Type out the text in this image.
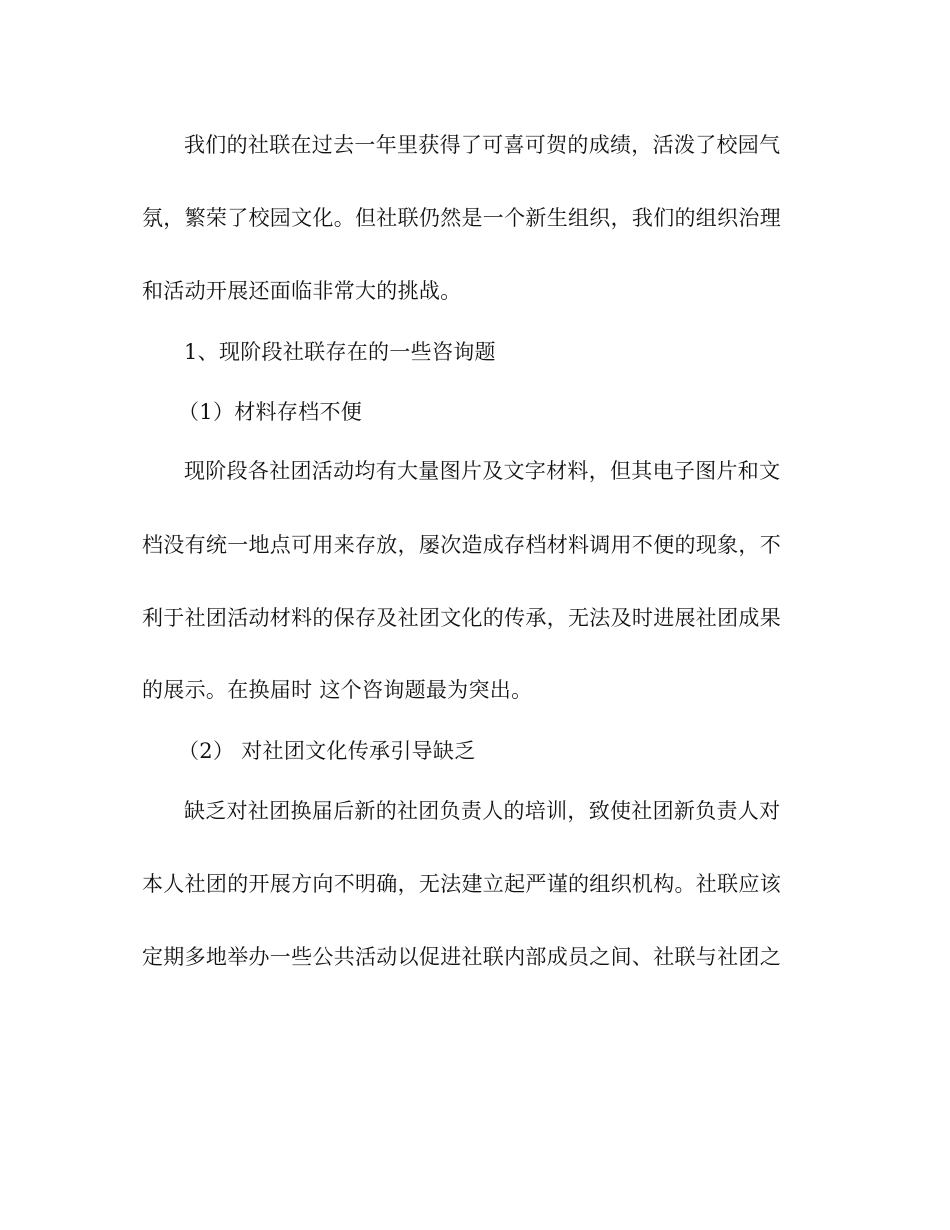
我们的社联在过去一年里获得了可喜可贺的成绩，活泼了校园气
氛，繁荣了校园文化。但社联仍然是一个新生组织，我们的组织治理
和活动开展还面临非常大的挑战。
1、现阶段社联存在的一些咨询题
（1）材料存档不便
现阶段各社团活动均有大量图片及文字材料，但其电子图片和文
档没有统一地点可用来存放，屡次造成存档材料调用不便的现象，不
利于社团活动材料的保存及社团文化的传承，无法及时进展社团成果
的展示。在换届时 这个咨询题最为突出。
（2） 对社团文化传承引导缺乏
缺乏对社团换届后新的社团负责人的培训，致使社团新负责人对
本人社团的开展方向不明确，无法建立起严谨的组织机构。社联应该
定期多地举办一些公共活动以促进社联内部成员之间、社联与社团之
